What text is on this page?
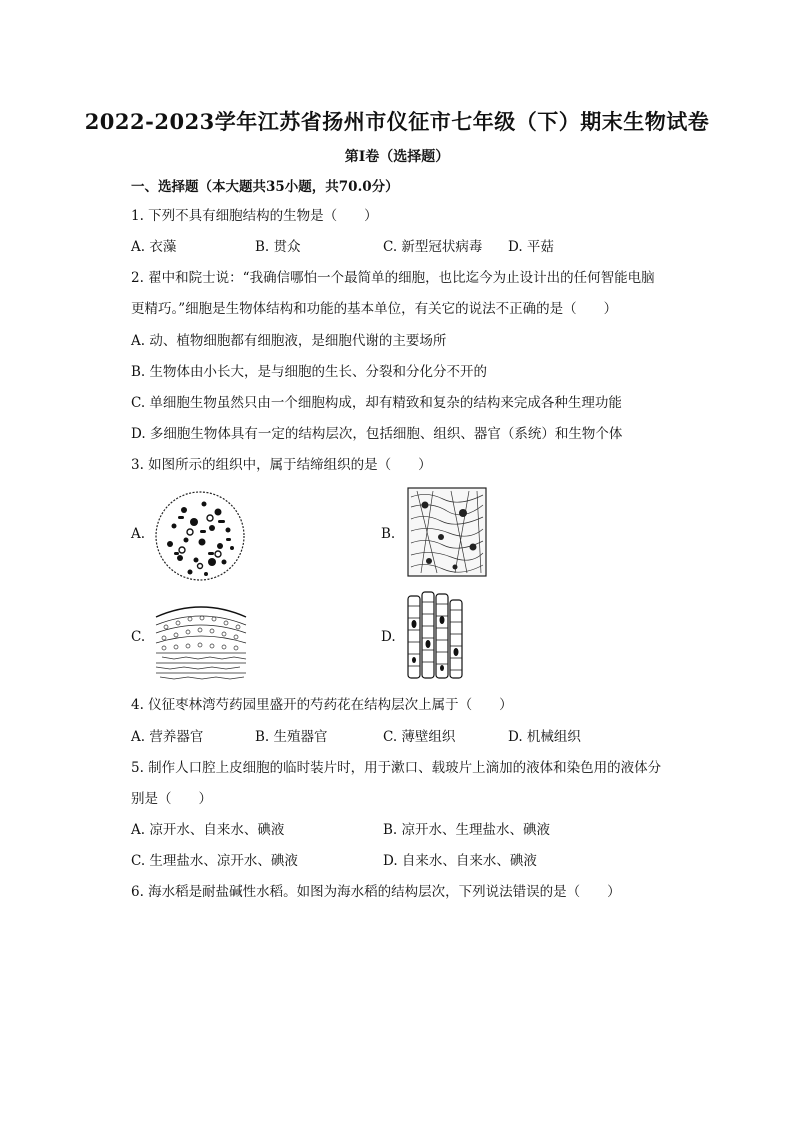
2022-2023学年江苏省扬州市仪征市七年级（下）期末生物试卷
第I卷（选择题）
一、选择题（本大题共35小题，共70.0分）
1. 下列不具有细胞结构的生物是（　　）
A. 衣藻	B. 贯众	C. 新型冠状病毒 D. 平菇
2. 翟中和院士说：“我确信哪怕一个最简单的细胞，也比迄今为止设计出的任何智能电脑
更精巧。”细胞是生物体结构和功能的基本单位，有关它的说法不正确的是（　　）
A. 动、植物细胞都有细胞液，是细胞代谢的主要场所
B. 生物体由小长大，是与细胞的生长、分裂和分化分不开的
C. 单细胞生物虽然只由一个细胞构成，却有精致和复杂的结构来完成各种生理功能
D. 多细胞生物体具有一定的结构层次，包括细胞、组织、器官（系统）和生物个体
3. 如图所示的组织中，属于结缔组织的是（　　）
A.	B.
C.	D.
4. 仪征枣林湾芍药园里盛开的芍药花在结构层次上属于（　　）
A. 营养器官	B. 生殖器官	C. 薄壁组织	D. 机械组织
5. 制作人口腔上皮细胞的临时装片时，用于漱口、载玻片上滴加的液体和染色用的液体分
别是（　　）
A. 凉开水、自来水、碘液	B. 凉开水、生理盐水、碘液
C. 生理盐水、凉开水、碘液	D. 自来水、自来水、碘液
6. 海水稻是耐盐碱性水稻。如图为海水稻的结构层次，下列说法错误的是（　　）
